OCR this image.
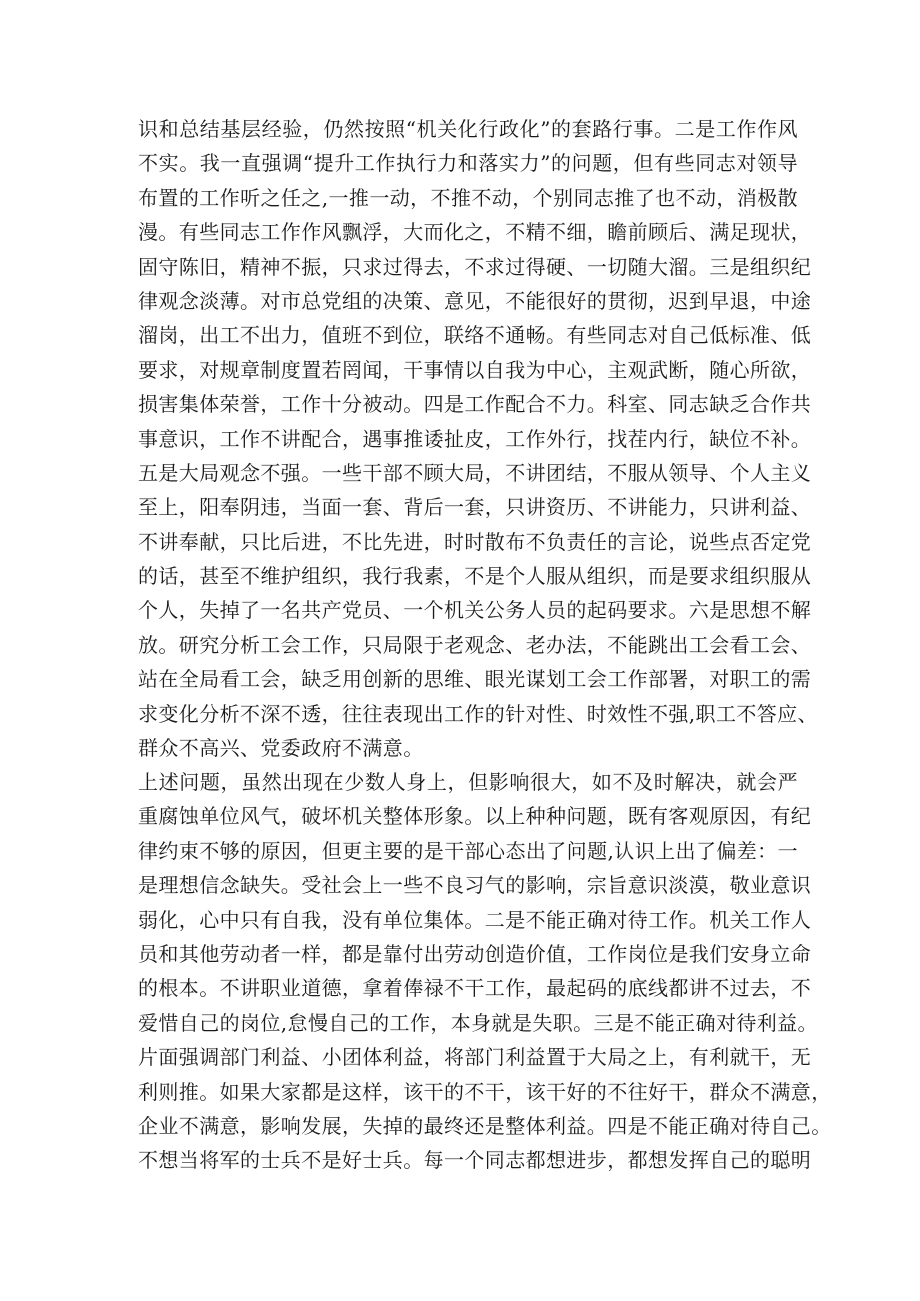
识和总结基层经验，仍然按照“机关化行政化”的套路行事。二是工作作风
不实。我一直强调“提升工作执行力和落实力”的问题，但有些同志对领导
布置的工作听之任之,一推一动，不推不动，个别同志推了也不动，消极散
漫。有些同志工作作风飘浮，大而化之，不精不细，瞻前顾后、满足现状，
固守陈旧，精神不振，只求过得去，不求过得硬、一切随大溜。三是组织纪
律观念淡薄。对市总党组的决策、意见，不能很好的贯彻，迟到早退，中途
溜岗，出工不出力，值班不到位，联络不通畅。有些同志对自己低标准、低
要求，对规章制度置若罔闻，干事情以自我为中心，主观武断，随心所欲，
损害集体荣誉，工作十分被动。四是工作配合不力。科室、同志缺乏合作共
事意识，工作不讲配合，遇事推诿扯皮，工作外行，找茬内行，缺位不补。
五是大局观念不强。一些干部不顾大局，不讲团结，不服从领导、个人主义
至上，阳奉阴违，当面一套、背后一套，只讲资历、不讲能力，只讲利益、
不讲奉献，只比后进，不比先进，时时散布不负责任的言论，说些点否定党
的话，甚至不维护组织，我行我素，不是个人服从组织，而是要求组织服从
个人，失掉了一名共产党员、一个机关公务人员的起码要求。六是思想不解
放。研究分析工会工作，只局限于老观念、老办法，不能跳出工会看工会、
站在全局看工会，缺乏用创新的思维、眼光谋划工会工作部署，对职工的需
求变化分析不深不透，往往表现出工作的针对性、时效性不强,职工不答应、
群众不高兴、党委政府不满意。
上述问题，虽然出现在少数人身上，但影响很大，如不及时解决，就会严
重腐蚀单位风气，破坏机关整体形象。以上种种问题，既有客观原因，有纪
律约束不够的原因，但更主要的是干部心态出了问题,认识上出了偏差：一
是理想信念缺失。受社会上一些不良习气的影响，宗旨意识淡漠，敬业意识
弱化，心中只有自我，没有单位集体。二是不能正确对待工作。机关工作人
员和其他劳动者一样，都是靠付出劳动创造价值，工作岗位是我们安身立命
的根本。不讲职业道德，拿着俸禄不干工作，最起码的底线都讲不过去，不
爱惜自己的岗位,怠慢自己的工作，本身就是失职。三是不能正确对待利益。
片面强调部门利益、小团体利益，将部门利益置于大局之上，有利就干，无
利则推。如果大家都是这样，该干的不干，该干好的不往好干，群众不满意，
企业不满意，影响发展，失掉的最终还是整体利益。四是不能正确对待自己。
不想当将军的士兵不是好士兵。每一个同志都想进步，都想发挥自己的聪明
